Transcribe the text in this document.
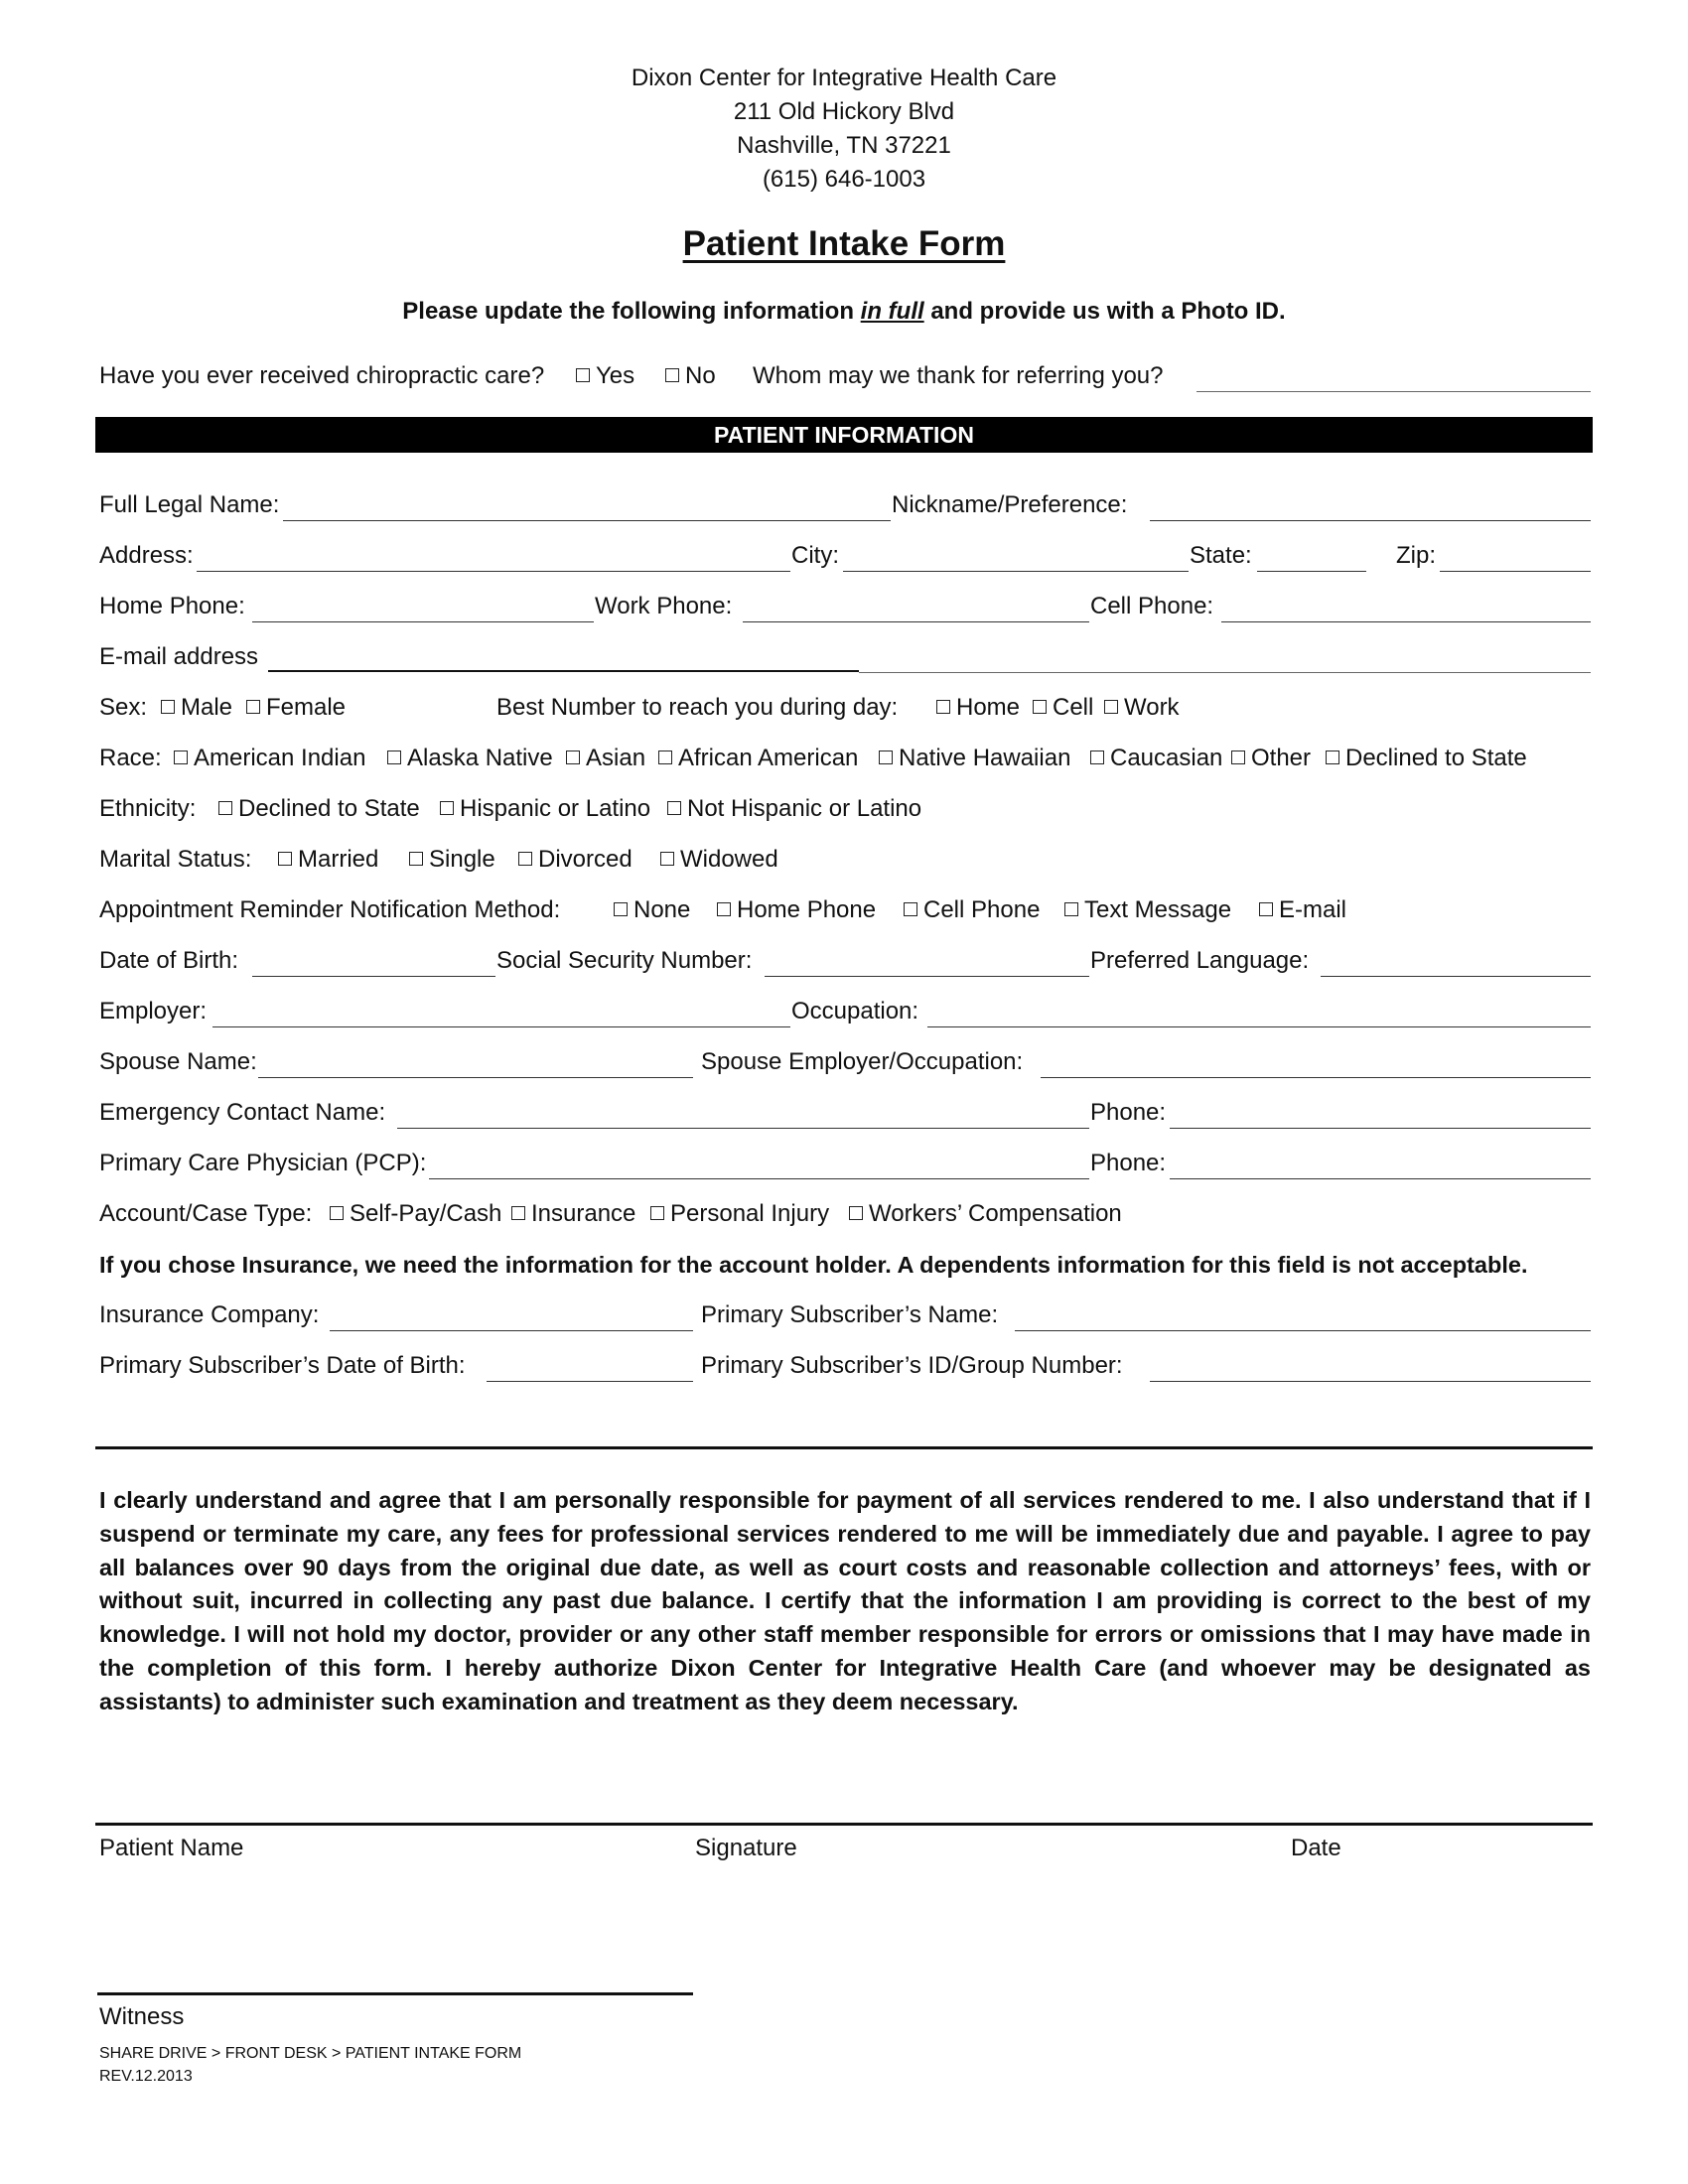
Dixon Center for Integrative Health Care
211 Old Hickory Blvd
Nashville, TN 37221
(615) 646-1003
Patient Intake Form
Please update the following information in full and provide us with a Photo ID.
Have you ever received chiropractic care?	Yes	No Whom may we thank for referring you?
PATIENT INFORMATION
Full Legal Name:	Nickname/Preference:
Address:	City:	State:	Zip:
Home Phone:	Work Phone:	Cell Phone:
E-mail address
Sex:	Male	Female	Best Number to reach you during day:	Home	Cell	Work
Race:	American Indian	Alaska Native	Asian	African American	Native Hawaiian	Caucasian	Other	Declined to State
Ethnicity:	Declined to State	Hispanic or Latino	Not Hispanic or Latino
Marital Status:	Married	Single	Divorced	Widowed
Appointment Reminder Notification Method:	None	Home Phone	Cell Phone	Text Message	E-mail
Date of Birth:	Social Security Number:	Preferred Language:
Employer:	Occupation:
Spouse Name:	Spouse Employer/Occupation:
Emergency Contact Name:	Phone:
Primary Care Physician (PCP):	Phone:
Account/Case Type:	Self-Pay/Cash	Insurance	Personal Injury	Workers’ Compensation
If you chose Insurance, we need the information for the account holder. A dependents information for this field is not acceptable.
Insurance Company:	Primary Subscriber’s Name:
Primary Subscriber’s Date of Birth:	Primary Subscriber’s ID/Group Number:
I clearly understand and agree that I am personally responsible for payment of all services rendered to me. I also understand that if I suspend or terminate my care, any fees for professional services rendered to me will be immediately due and payable. I agree to pay all balances over 90 days from the original due date, as well as court costs and reasonable collection and attorneys’ fees, with or without suit, incurred in collecting any past due balance. I certify that the information I am providing is correct to the best of my knowledge. I will not hold my doctor, provider or any other staff member responsible for errors or omissions that I may have made in the completion of this form. I hereby authorize Dixon Center for Integrative Health Care (and whoever may be designated as assistants) to administer such examination and treatment as they deem necessary.
Patient Name	Signature	Date
Witness
SHARE DRIVE > FRONT DESK > PATIENT INTAKE FORM
REV.12.2013
